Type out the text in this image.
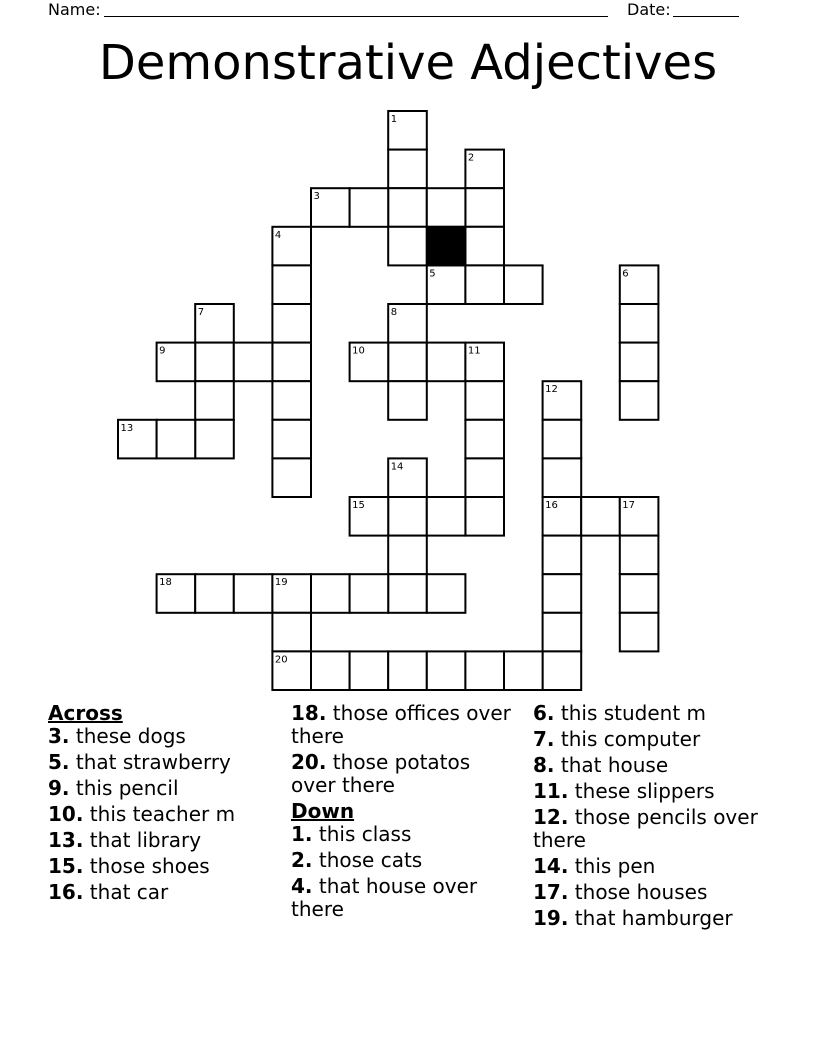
Name:	Date:
Demonstrative Adjectives
1
2
3
4
5	6
7	8
9	10	11
12
13
14
15	16	17
18	19
20

Across

3. these dogs

5. that strawberry

9. this pencil

10. this teacher m

13. that library

15. those shoes

16. that car

18. those offices over there

20. those potatos over there

Down

1. this class

2. those cats

4. that house over there

6. this student m

7. this computer

8. that house

11. these slippers

12. those pencils over there

14. this pen

17. those houses

19. that hamburger
